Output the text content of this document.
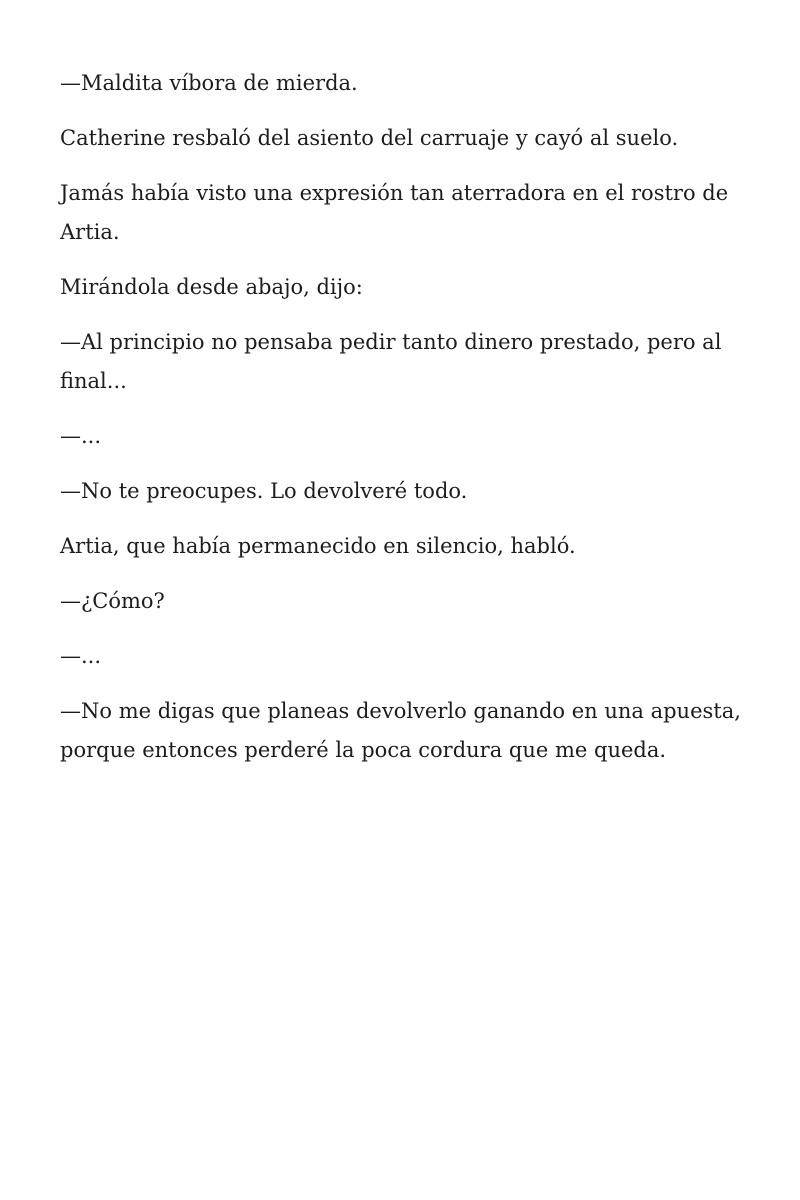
—Maldita víbora de mierda.

Catherine resbaló del asiento del carruaje y cayó al suelo.

Jamás había visto una expresión tan aterradora en el rostro de Artia.

Mirándola desde abajo, dijo:

—Al principio no pensaba pedir tanto dinero prestado, pero al final...

—...

—No te preocupes. Lo devolveré todo.

Artia, que había permanecido en silencio, habló.

—¿Cómo?

—...

—No me digas que planeas devolverlo ganando en una apuesta, porque entonces perderé la poca cordura que me queda.
